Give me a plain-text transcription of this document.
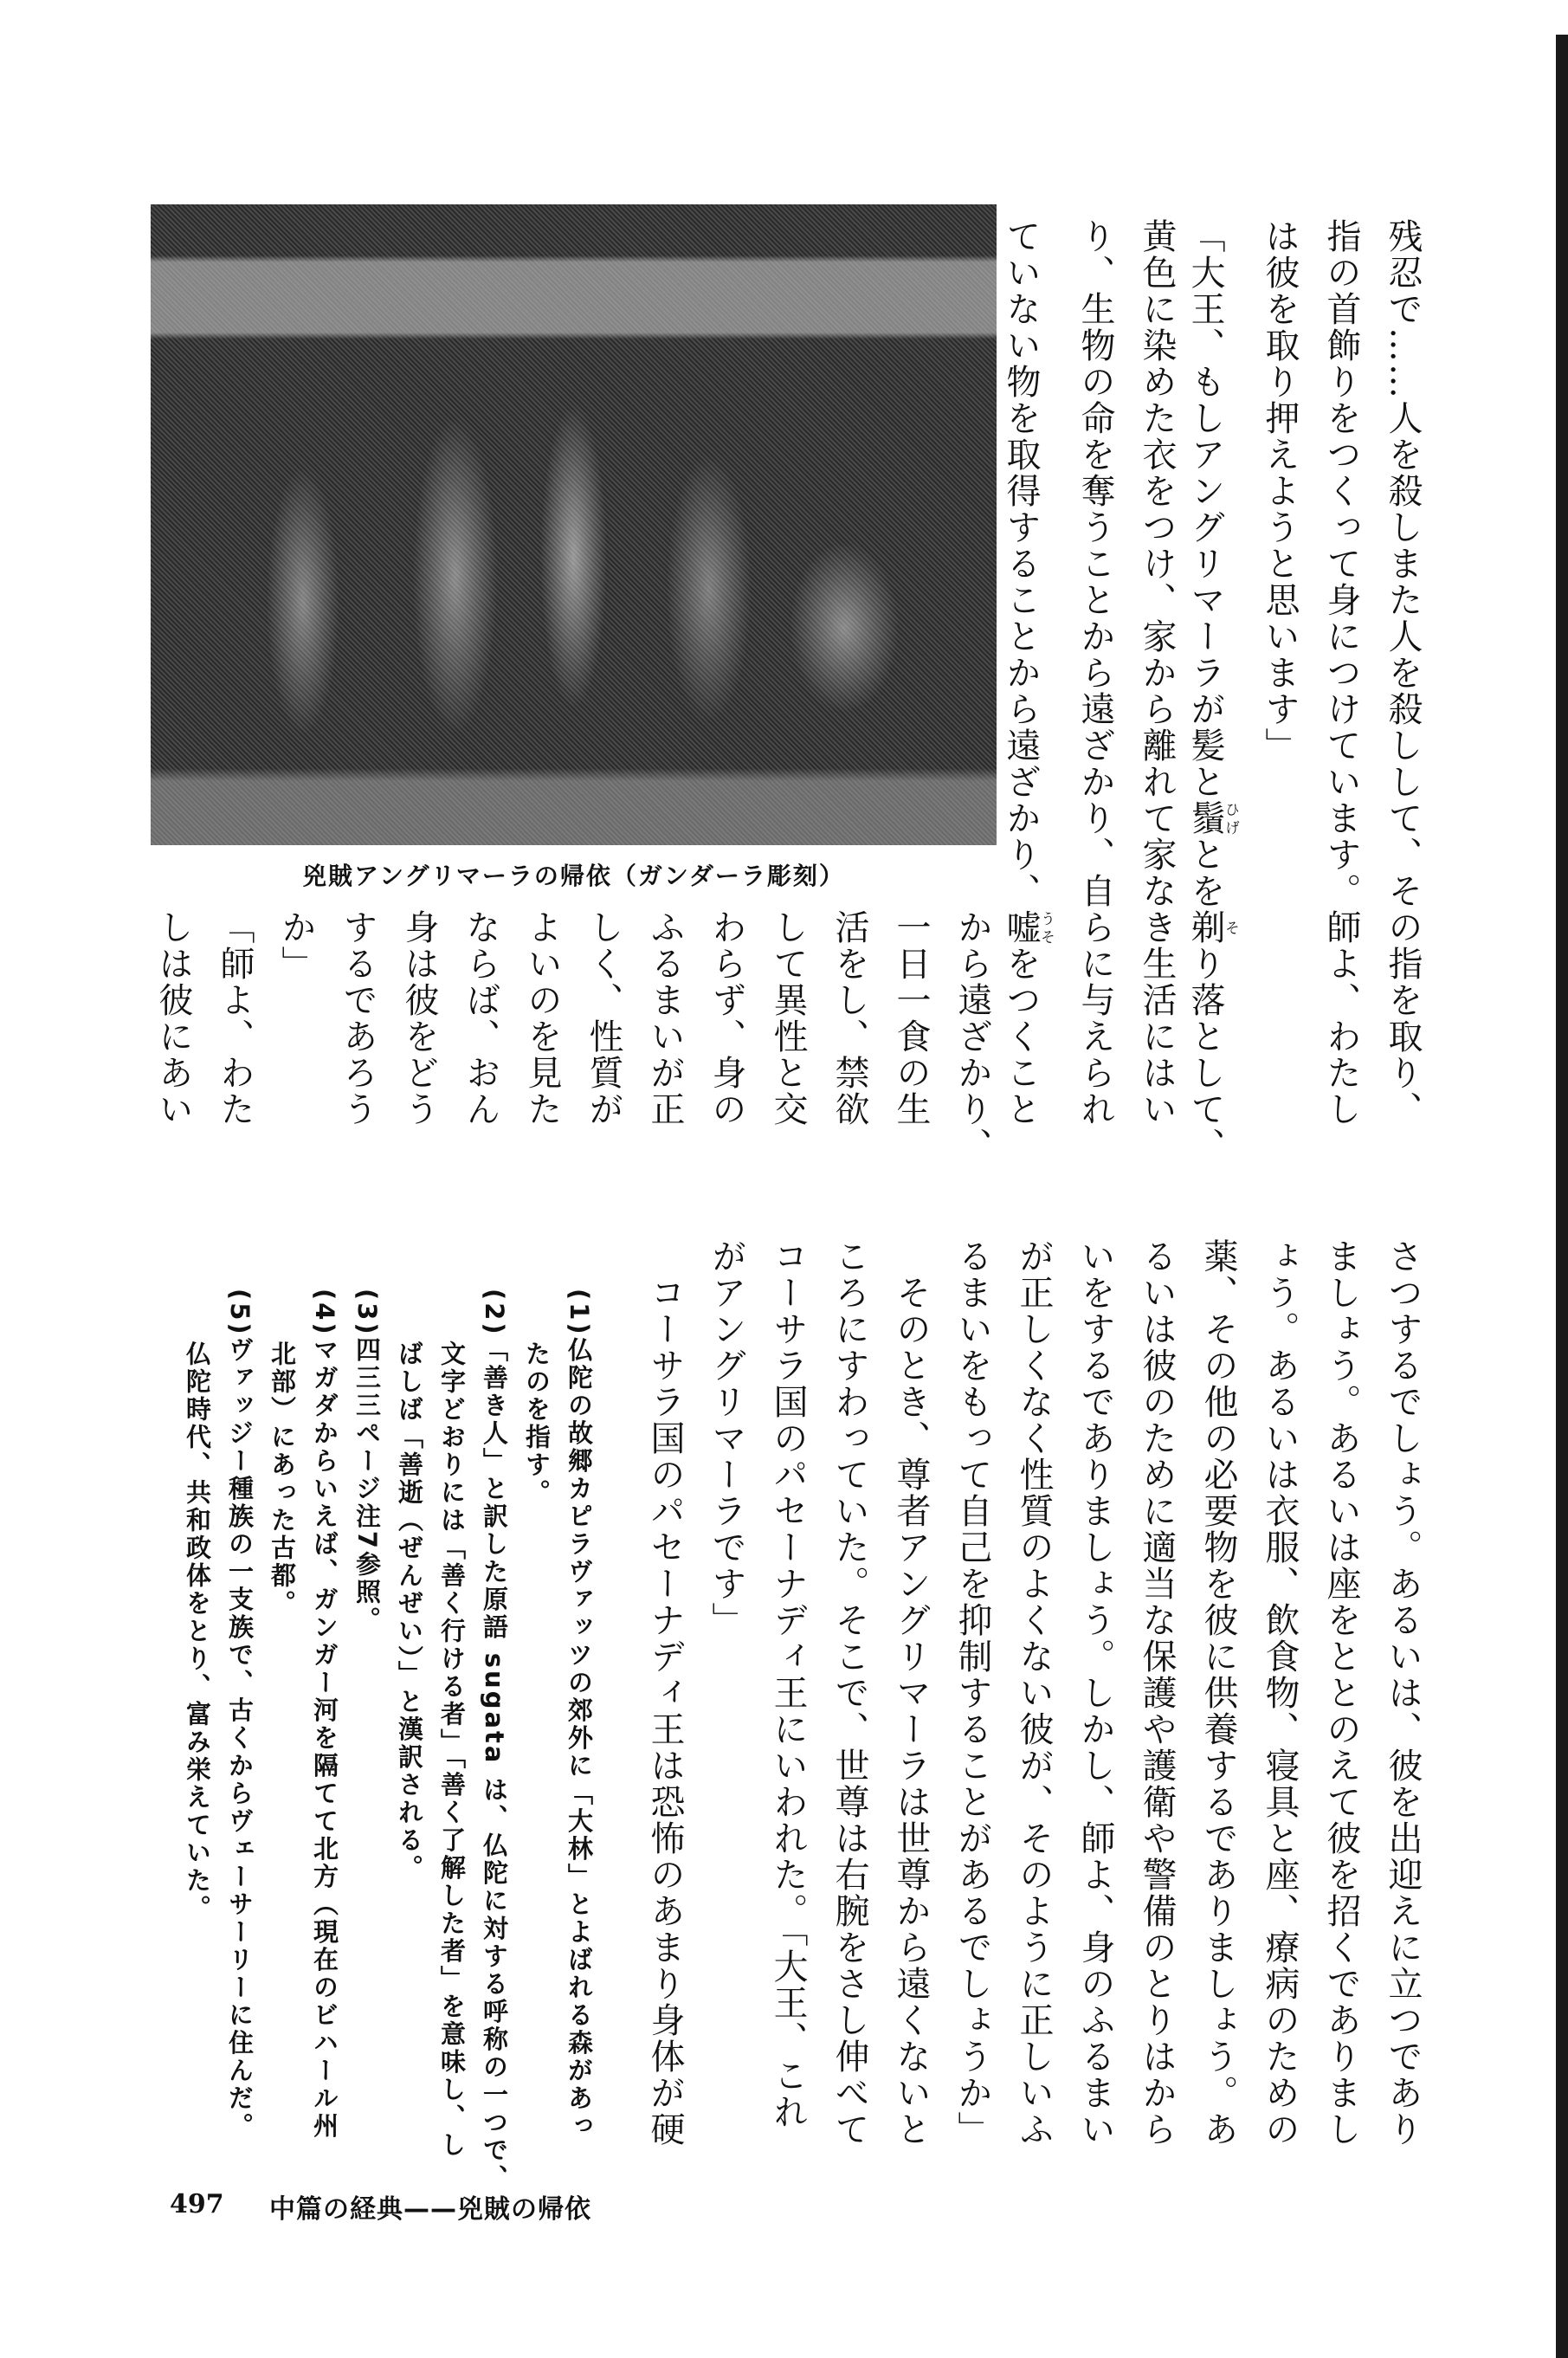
兇賊アングリマーラの帰依（ガンダーラ彫刻）	残忍で……人を殺しまた人を殺しして、その指を取り、
指の首飾りをつくって身につけています。師よ、わたし
は彼を取り押えようと思います」
「大王、もしアングリマーラが髪と鬚ひげとを剃そり落として、
黄色に染めた衣をつけ、家から離れて家なき生活にはい
り、生物の命を奪うことから遠ざかり、自らに与えられ
ていない物を取得することから遠ざかり、嘘うそをつくこと
から遠ざかり、
一日一食の生
活をし、禁欲
して異性と交
わらず、身の
ふるまいが正
しく、性質が
よいのを見た
ならば、おん
身は彼をどう
するであろう
か」
「師よ、わた
しは彼にあい
さつするでしょう。あるいは、彼を出迎えに立つであり
ましょう。あるいは座をととのえて彼を招くでありまし
ょう。あるいは衣服、飲食物、寝具と座、療病のための
薬、その他の必要物を彼に供養するでありましょう。あ
るいは彼のために適当な保護や護衛や警備のとりはから
いをするでありましょう。しかし、師よ、身のふるまい
が正しくなく性質のよくない彼が、そのように正しいふ
るまいをもって自己を抑制することがあるでしょうか」
　そのとき、尊者アングリマーラは世尊から遠くないと
ころにすわっていた。そこで、世尊は右腕をさし伸べて
コーサラ国のパセーナディ王にいわれた。「大王、これ
がアングリマーラです」
　コーサラ国のパセーナディ王は恐怖のあまり身体が硬
(1)仏陀の故郷カピラヴァッツの郊外に「大林」とよばれる森があっ
たのを指す。
(2)「善き人」と訳した原語 sugata は、仏陀に対する呼称の一つで、
文字どおりには「善く行ける者」「善く了解した者」を意味し、し
ばしば「善逝（ぜんぜい）」と漢訳される。
(3)四三三ページ注7参照。
(4)マガダからいえば、ガンガー河を隔てて北方（現在のビハール州
北部）にあった古都。
(5)ヴァッジー種族の一支族で、古くからヴェーサーリーに住んだ。
仏陀時代、共和政体をとり、富み栄えていた。
497 中篇の経典——兇賊の帰依
